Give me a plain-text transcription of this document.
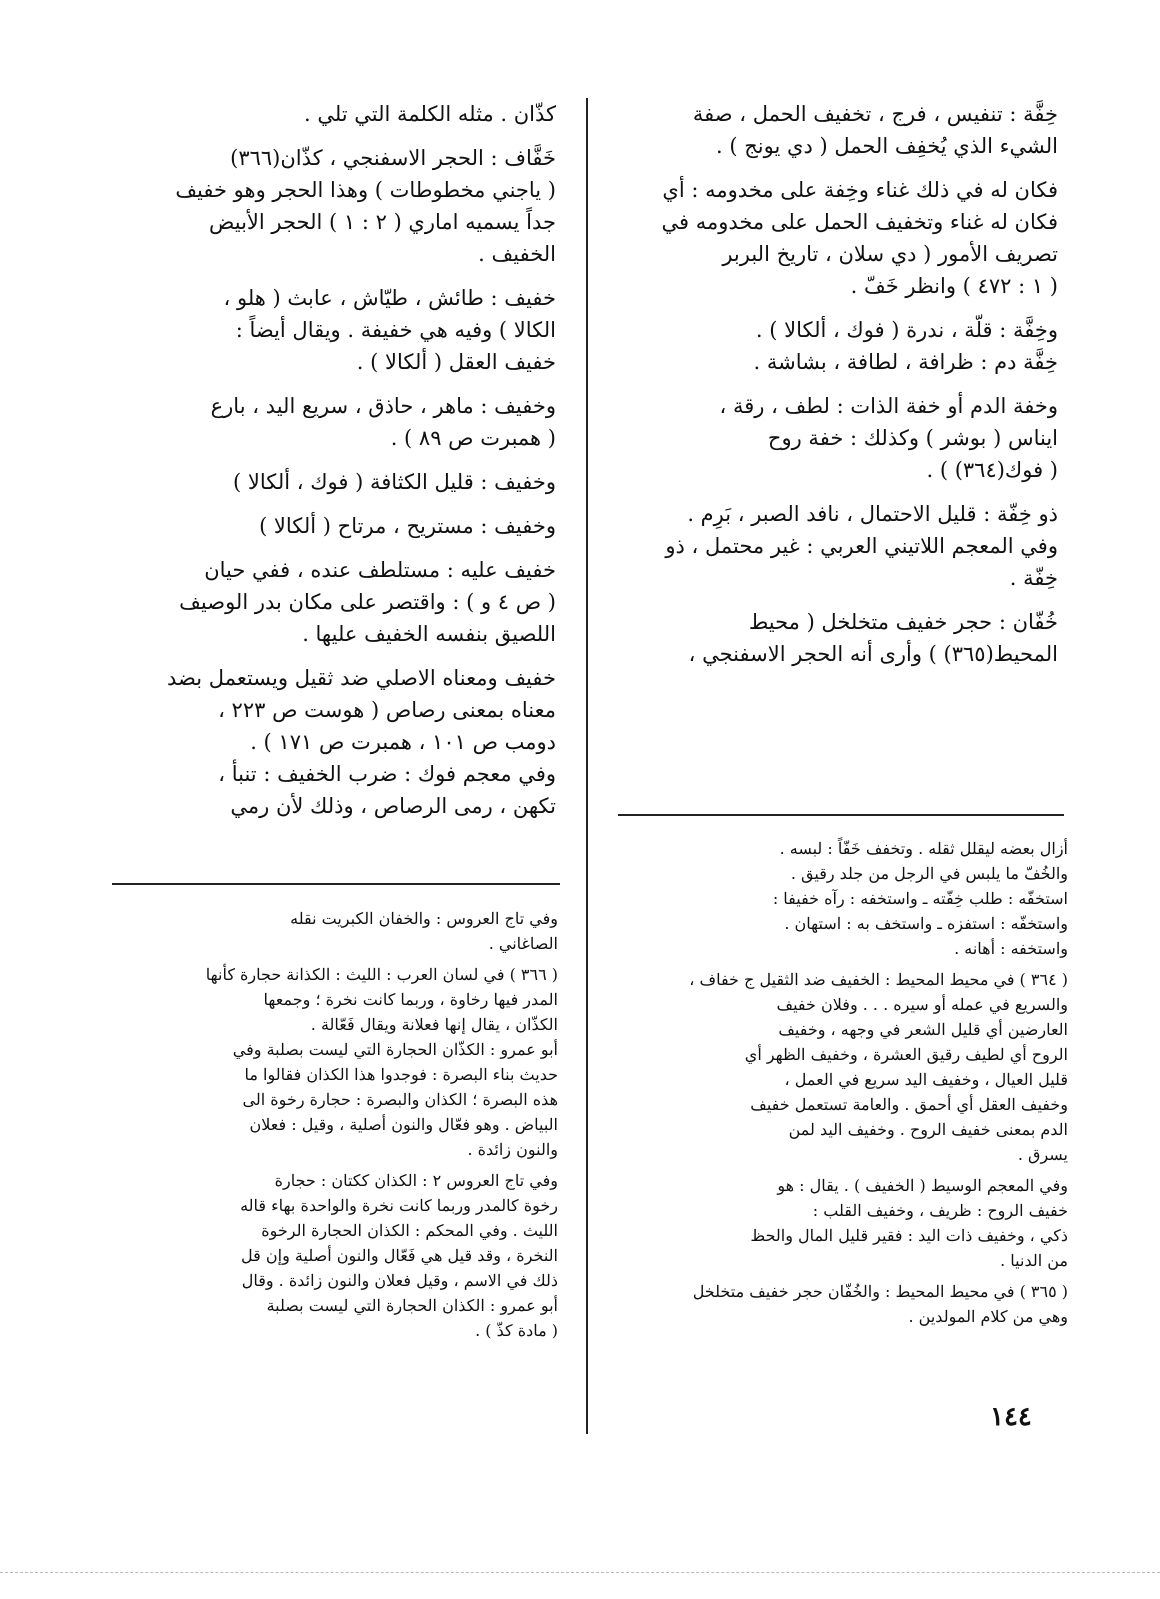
خِفَّة : تنفيس ، فرج ، تخفيف الحمل ، صفة
الشيء الذي يُخفِف الحمل ( دي يونج ) .
فكان له في ذلك غناء وخِفة على مخدومه : أي
فكان له غناء وتخفيف الحمل على مخدومه في
تصريف الأمور ( دي سلان ، تاريخ البربر
( ١ : ٤٧٢ ) وانظر خَفّ .
وخِفَّة : قلَّة ، ندرة ( فوك ، ألكالا ) .
خِفَّة دم : ظرافة ، لطافة ، بشاشة .
وخفة الدم أو خفة الذات : لطف ، رقة ،
ايناس ( بوشر ) وكذلك : خفة روح
( فوك(٣٦٤) ) .
ذو خِفّة : قليل الاحتمال ، نافد الصبر ، بَرِم .
وفي المعجم اللاتيني العربي : غير محتمل ، ذو
خِفّة .
خُفّان : حجر خفيف متخلخل ( محيط
المحيط(٣٦٥) ) وأرى أنه الحجر الاسفنجي ،
كذّان . مثله الكلمة التي تلي .
خَفَّاف : الحجر الاسفنجي ، كذّان(٣٦٦)
( ياجني مخطوطات ) وهذا الحجر وهو خفيف
جداً يسميه اماري ( ٢ : ١ ) الحجر الأبيض
الخفيف .
خفيف : طائش ، طيّاش ، عابث ( هلو ،
الكالا ) وفيه هي خفيفة . ويقال أيضاً :
خفيف العقل ( ألكالا ) .
وخفيف : ماهر ، حاذق ، سريع اليد ، بارع
( همبرت ص ٨٩ ) .
وخفيف : قليل الكثافة ( فوك ، ألكالا )
وخفيف : مستريح ، مرتاح ( ألكالا )
خفيف عليه : مستلطف عنده ، ففي حيان
( ص ٤ و ) : واقتصر على مكان بدر الوصيف
اللصيق بنفسه الخفيف عليها .
خفيف ومعناه الاصلي ضد ثقيل ويستعمل بضد
معناه بمعنى رصاص ( هوست ص ٢٢٣ ،
دومب ص ١٠١ ، همبرت ص ١٧١ ) .
وفي معجم فوك : ضرب الخفيف : تنبأ ،
تكهن ، رمى الرصاص ، وذلك لأن رمي
أزال بعضه ليقلل ثقله . وتخفف خَفّاً : لبسه .
والخُفّ ما يلبس في الرجل من جلد رقيق .
استخفّه : طلب خِفّته ـ واستخفه : رآه خفيفا :
واستخفّه : استفزه ـ واستخف به : استهان .
واستخفه : أهانه .
( ٣٦٤ ) في محيط المحيط : الخفيف ضد الثقيل ج خفاف ،
والسريع في عمله أو سيره . . . وفلان خفيف
العارضين أي قليل الشعر في وجهه ، وخفيف
الروح أي لطيف رقيق العشرة ، وخفيف الظهر أي
قليل العيال ، وخفيف اليد سريع في العمل ،
وخفيف العقل أي أحمق . والعامة تستعمل خفيف
الدم بمعنى خفيف الروح . وخفيف اليد لمن
يسرق .
وفي المعجم الوسيط ( الخفيف ) . يقال : هو
خفيف الروح : ظريف ، وخفيف القلب :
ذكي ، وخفيف ذات اليد : فقير قليل المال والحظ
من الدنيا .
( ٣٦٥ ) في محيط المحيط : والخُفّان حجر خفيف متخلخل
وهي من كلام المولدين .
وفي تاج العروس : والخفان الكبريت نقله
الصاغاني .
( ٣٦٦ ) في لسان العرب : الليث : الكذانة حجارة كأنها
المدر فيها رخاوة ، وربما كانت نخرة ؛ وجمعها
الكذّان ، يقال إنها فعلانة ويقال فَعّالة .
أبو عمرو : الكذّان الحجارة التي ليست بصلبة وفي
حديث بناء البصرة : فوجدوا هذا الكذان فقالوا ما
هذه البصرة ؛ الكذان والبصرة : حجارة رخوة الى
البياض . وهو فعّال والنون أصلية ، وقيل : فعلان
والنون زائدة .
وفي تاج العروس ٢ : الكذان ككتان : حجارة
رخوة كالمدر وربما كانت نخرة والواحدة بهاء قاله
الليث . وفي المحكم : الكذان الحجارة الرخوة
النخرة ، وقد قيل هي فَعّال والنون أصلية وإن قل
ذلك في الاسم ، وقيل فعلان والنون زائدة . وقال
أبو عمرو : الكذان الحجارة التي ليست بصلبة
( مادة كذّ ) .
١٤٤
